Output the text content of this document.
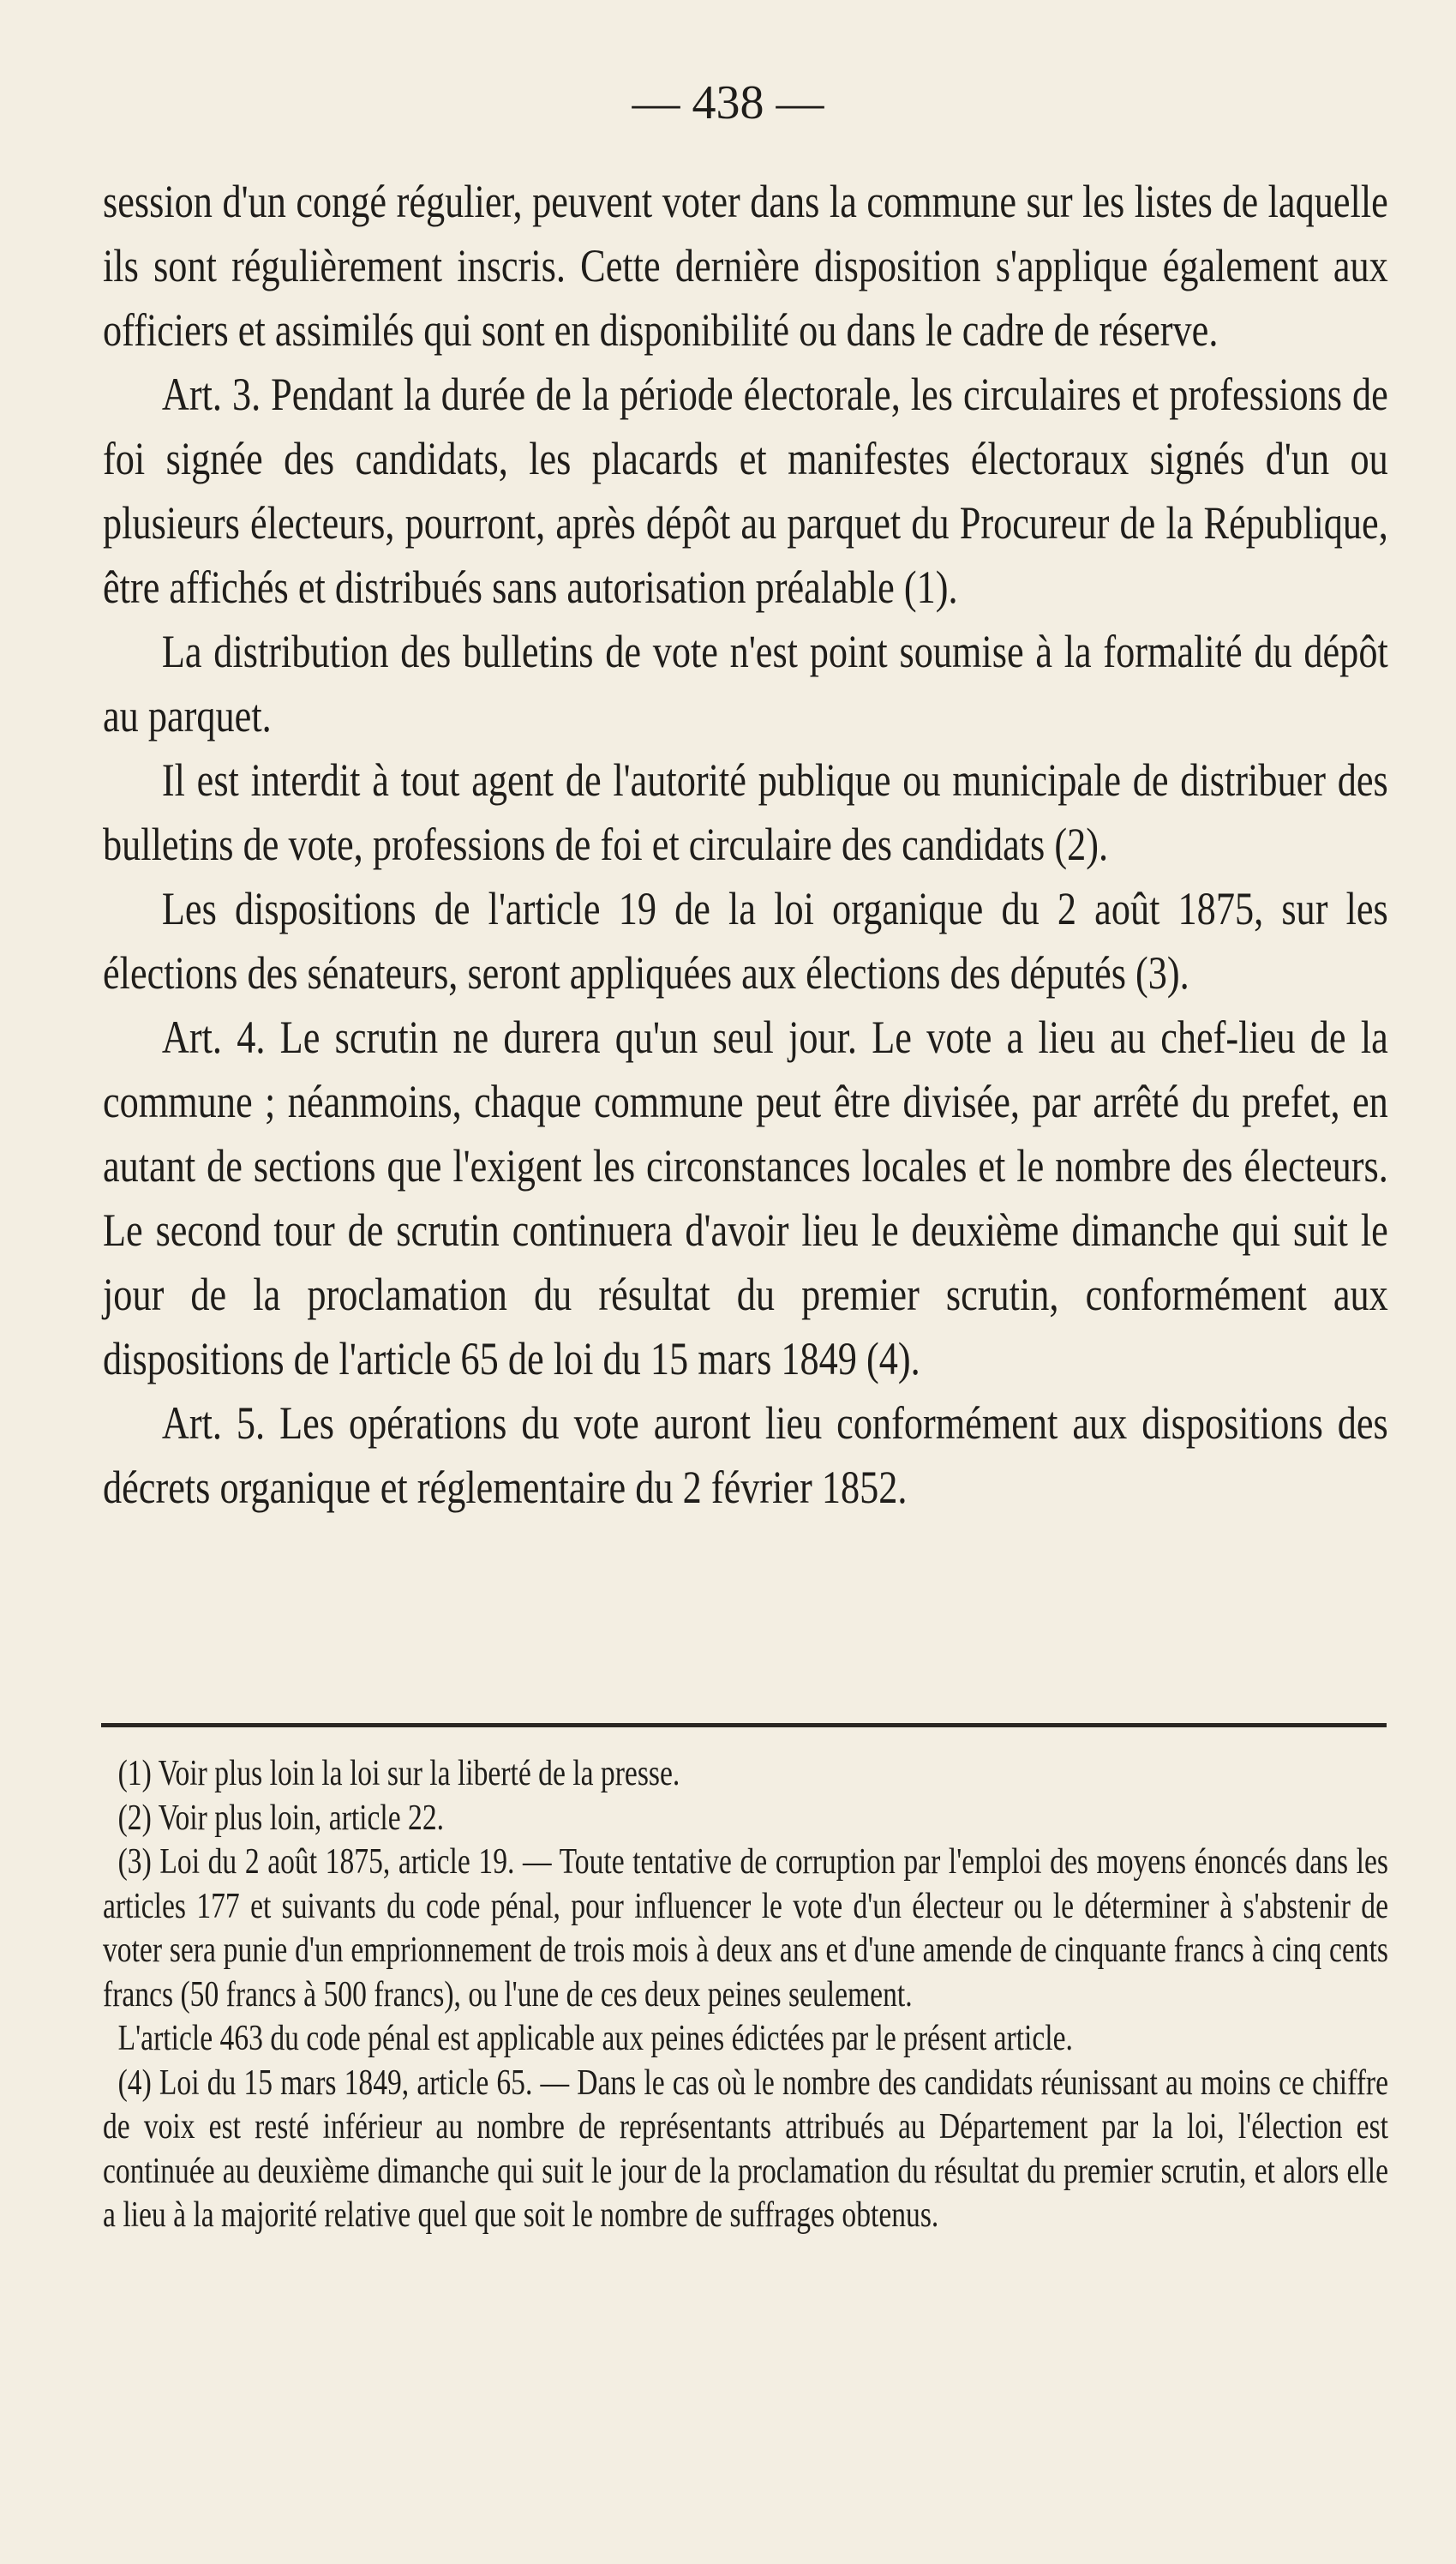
— 438 —

session d'un congé régulier, peuvent voter dans la commune sur les listes de laquelle ils sont régulièrement inscris. Cette dernière disposition s'applique également aux officiers et assimilés qui sont en disponibilité ou dans le cadre de réserve.

Art. 3. Pendant la durée de la période électorale, les circulaires et professions de foi signée des candidats, les placards et manifestes électoraux signés d'un ou plusieurs électeurs, pourront, après dépôt au parquet du Procureur de la République, être affichés et distribués sans autorisation préalable (1).

La distribution des bulletins de vote n'est point soumise à la formalité du dépôt au parquet.

Il est interdit à tout agent de l'autorité publique ou municipale de distribuer des bulletins de vote, professions de foi et circulaire des candidats (2).

Les dispositions de l'article 19 de la loi organique du 2 août 1875, sur les élections des sénateurs, seront appliquées aux élections des députés (3).

Art. 4. Le scrutin ne durera qu'un seul jour. Le vote a lieu au chef-lieu de la commune ; néanmoins, chaque commune peut être divisée, par arrêté du prefet, en autant de sections que l'exigent les circonstances locales et le nombre des électeurs. Le second tour de scrutin continuera d'avoir lieu le deuxième dimanche qui suit le jour de la proclamation du résultat du premier scrutin, conformément aux dispositions de l'article 65 de loi du 15 mars 1849 (4).

Art. 5. Les opérations du vote auront lieu conformément aux dispositions des décrets organique et réglementaire du 2 février 1852.

(1) Voir plus loin la loi sur la liberté de la presse.

(2) Voir plus loin, article 22.

(3) Loi du 2 août 1875, article 19. — Toute tentative de corruption par l'emploi des moyens énoncés dans les articles 177 et suivants du code pénal, pour influencer le vote d'un électeur ou le déterminer à s'abstenir de voter sera punie d'un emprionnement de trois mois à deux ans et d'une amende de cinquante francs à cinq cents francs (50 francs à 500 francs), ou l'une de ces deux peines seulement.

L'article 463 du code pénal est applicable aux peines édictées par le présent article.

(4) Loi du 15 mars 1849, article 65. — Dans le cas où le nombre des candidats réunissant au moins ce chiffre de voix est resté inférieur au nombre de représentants attribués au Département par la loi, l'élection est continuée au deuxième dimanche qui suit le jour de la proclamation du résultat du premier scrutin, et alors elle a lieu à la majorité relative quel que soit le nombre de suffrages obtenus.
